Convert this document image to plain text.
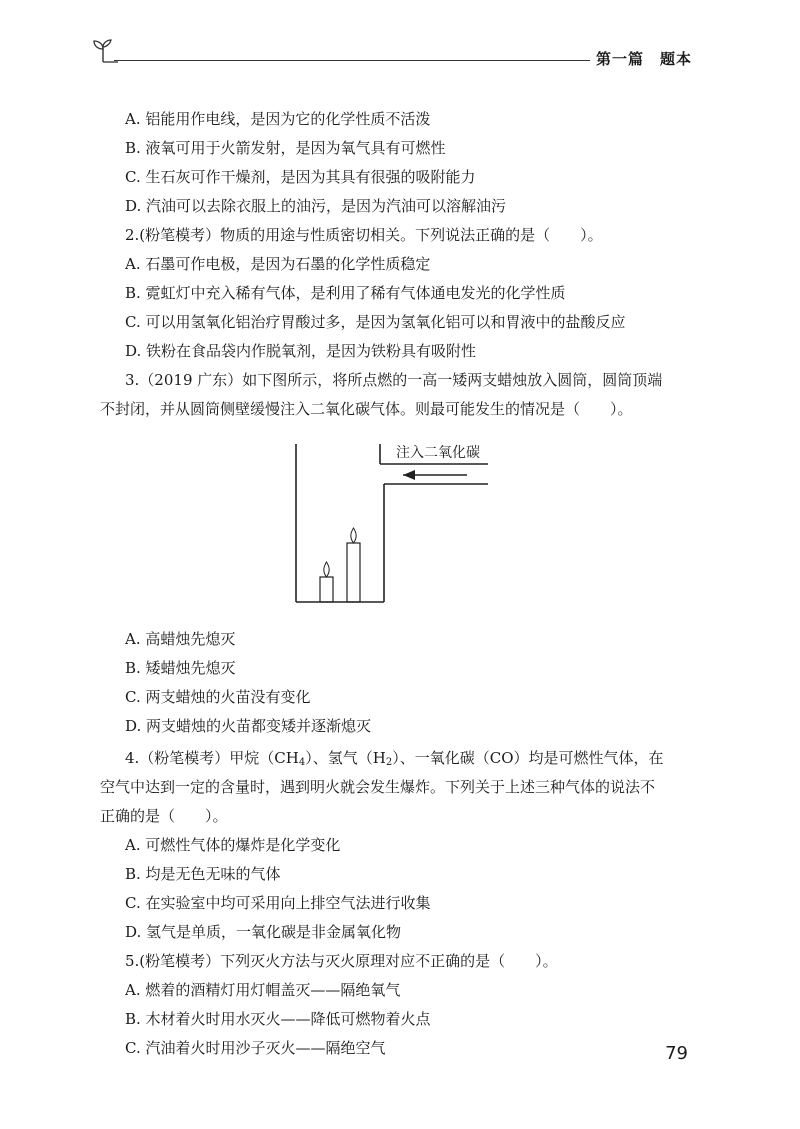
第一篇　题本

A. 铝能用作电线，是因为它的化学性质不活泼

B. 液氧可用于火箭发射，是因为氧气具有可燃性

C. 生石灰可作干燥剂，是因为其具有很强的吸附能力

D. 汽油可以去除衣服上的油污，是因为汽油可以溶解油污

2.(粉笔模考）物质的用途与性质密切相关。下列说法正确的是（　　）。

A. 石墨可作电极，是因为石墨的化学性质稳定

B. 霓虹灯中充入稀有气体，是利用了稀有气体通电发光的化学性质

C. 可以用氢氧化铝治疗胃酸过多，是因为氢氧化铝可以和胃液中的盐酸反应

D. 铁粉在食品袋内作脱氧剂，是因为铁粉具有吸附性

3.（2019 广东）如下图所示，将所点燃的一高一矮两支蜡烛放入圆筒，圆筒顶端

不封闭，并从圆筒侧壁缓慢注入二氧化碳气体。则最可能发生的情况是（　　）。

注入二氧化碳

A. 高蜡烛先熄灭

B. 矮蜡烛先熄灭

C. 两支蜡烛的火苗没有变化

D. 两支蜡烛的火苗都变矮并逐渐熄灭

4.（粉笔模考）甲烷$(CH_4)$、氢气$(H_2)$、一氧化碳（CO）均是可燃性气体，在

空气中达到一定的含量时，遇到明火就会发生爆炸。下列关于上述三种气体的说法不

正确的是（　　）。

A. 可燃性气体的爆炸是化学变化

B. 均是无色无味的气体

C. 在实验室中均可采用向上排空气法进行收集

D. 氢气是单质，一氧化碳是非金属氧化物

5.(粉笔模考）下列灭火方法与灭火原理对应不正确的是（　　）。

A. 燃着的酒精灯用灯帽盖灭——隔绝氧气

B. 木材着火时用水灭火——降低可燃物着火点

C. 汽油着火时用沙子灭火——隔绝空气	79
